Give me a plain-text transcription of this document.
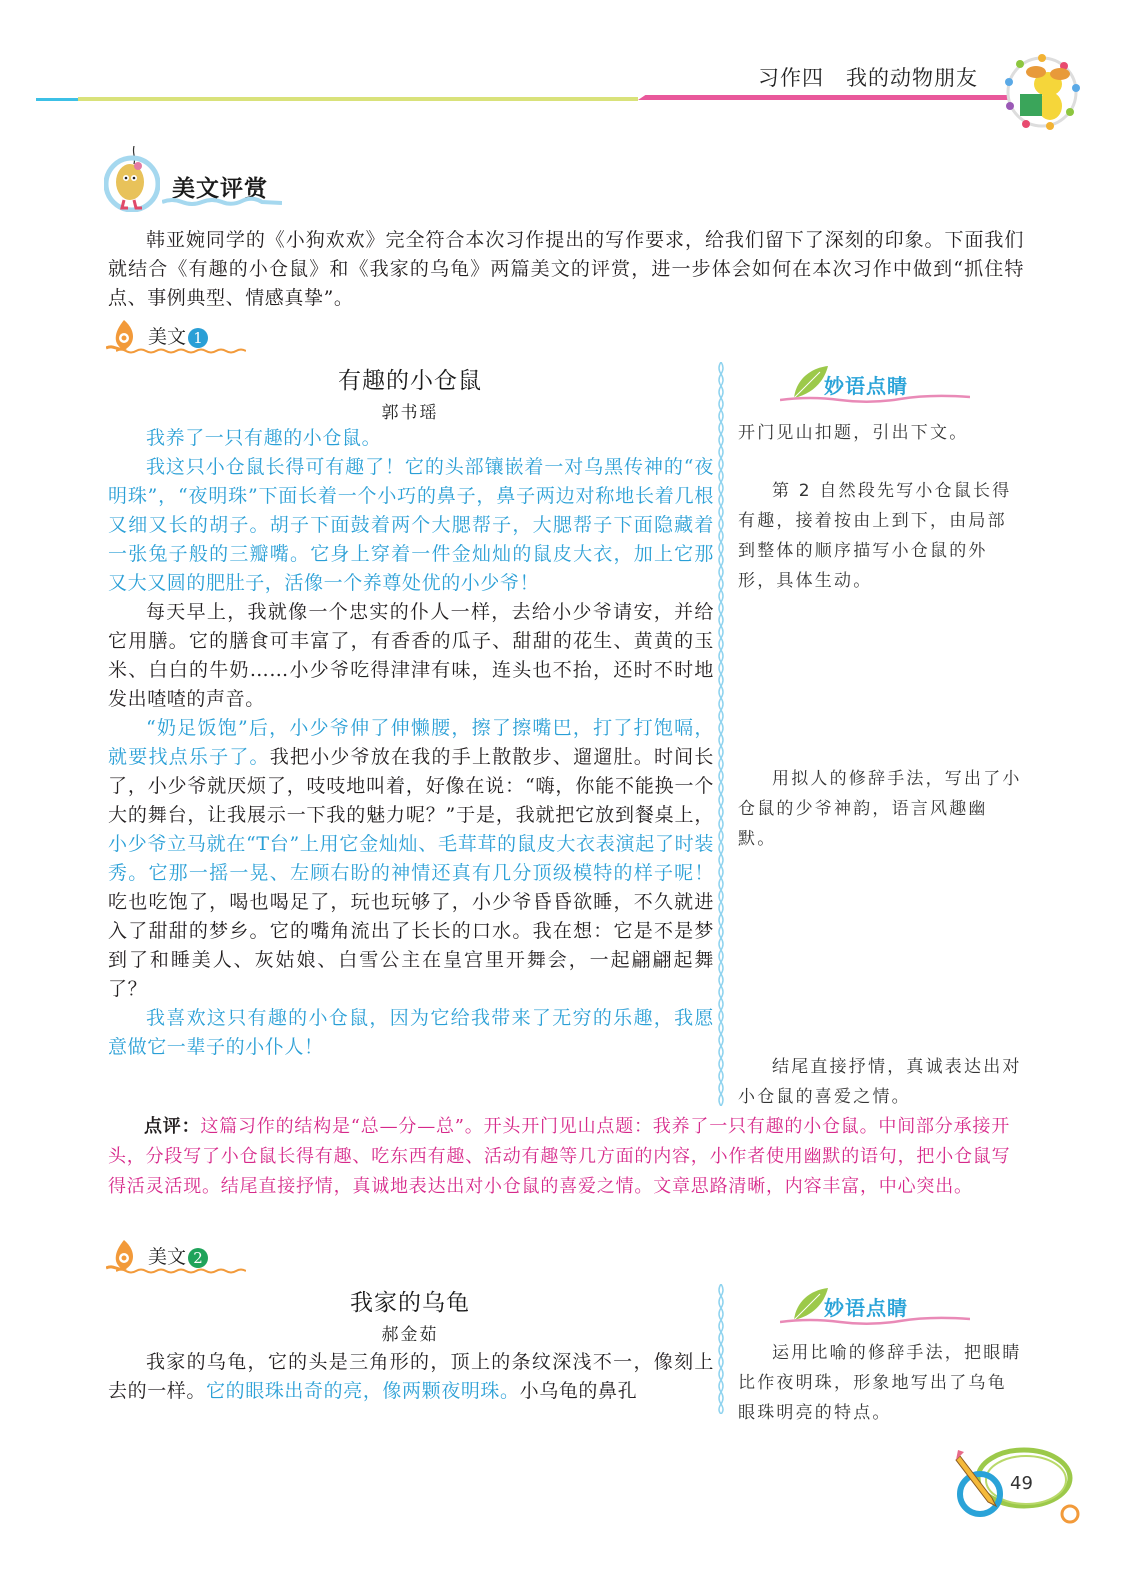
习作四　我的动物朋友
美文评赏
韩亚婉同学的《小狗欢欢》完全符合本次习作提出的写作要求，给我们留下了深刻的印象。下面我们就结合《有趣的小仓鼠》和《我家的乌龟》两篇美文的评赏，进一步体会如何在本次习作中做到“抓住特点、事例典型、情感真挚”。
美文 1
有趣的小仓鼠
郭书瑶
我养了一只有趣的小仓鼠。
我这只小仓鼠长得可有趣了！它的头部镶嵌着一对乌黑传神的“夜明珠”，“夜明珠”下面长着一个小巧的鼻子，鼻子两边对称地长着几根又细又长的胡子。胡子下面鼓着两个大腮帮子，大腮帮子下面隐藏着一张兔子般的三瓣嘴。它身上穿着一件金灿灿的鼠皮大衣，加上它那又大又圆的肥肚子，活像一个养尊处优的小少爷！
每天早上，我就像一个忠实的仆人一样，去给小少爷请安，并给它用膳。它的膳食可丰富了，有香香的瓜子、甜甜的花生、黄黄的玉米、白白的牛奶……小少爷吃得津津有味，连头也不抬，还时不时地发出喳喳的声音。
“奶足饭饱”后，小少爷伸了伸懒腰，擦了擦嘴巴，打了打饱嗝，就要找点乐子了。我把小少爷放在我的手上散散步、遛遛肚。时间长了，小少爷就厌烦了，吱吱地叫着，好像在说：“嗨，你能不能换一个大的舞台，让我展示一下我的魅力呢？”于是，我就把它放到餐桌上，小少爷立马就在“T台”上用它金灿灿、毛茸茸的鼠皮大衣表演起了时装秀。它那一摇一晃、左顾右盼的神情还真有几分顶级模特的样子呢！吃也吃饱了，喝也喝足了，玩也玩够了，小少爷昏昏欲睡，不久就进入了甜甜的梦乡。它的嘴角流出了长长的口水。我在想：它是不是梦到了和睡美人、灰姑娘、白雪公主在皇宫里开舞会，一起翩翩起舞了？
我喜欢这只有趣的小仓鼠，因为它给我带来了无穷的乐趣，我愿意做它一辈子的小仆人！
妙语点睛
开门见山扣题，引出下文。
第 2 自然段先写小仓鼠长得有趣，接着按由上到下，由局部到整体的顺序描写小仓鼠的外形，具体生动。
用拟人的修辞手法，写出了小仓鼠的少爷神韵，语言风趣幽默。
结尾直接抒情，真诚表达出对小仓鼠的喜爱之情。
点评：这篇习作的结构是“总—分—总”。开头开门见山点题：我养了一只有趣的小仓鼠。中间部分承接开头，分段写了小仓鼠长得有趣、吃东西有趣、活动有趣等几方面的内容，小作者使用幽默的语句，把小仓鼠写得活灵活现。结尾直接抒情，真诚地表达出对小仓鼠的喜爱之情。文章思路清晰，内容丰富，中心突出。
美文 2
我家的乌龟
郝金茹
我家的乌龟，它的头是三角形的，顶上的条纹深浅不一，像刻上去的一样。它的眼珠出奇的亮，像两颗夜明珠。小乌龟的鼻孔
妙语点睛
运用比喻的修辞手法，把眼睛比作夜明珠，形象地写出了乌龟眼珠明亮的特点。
49
